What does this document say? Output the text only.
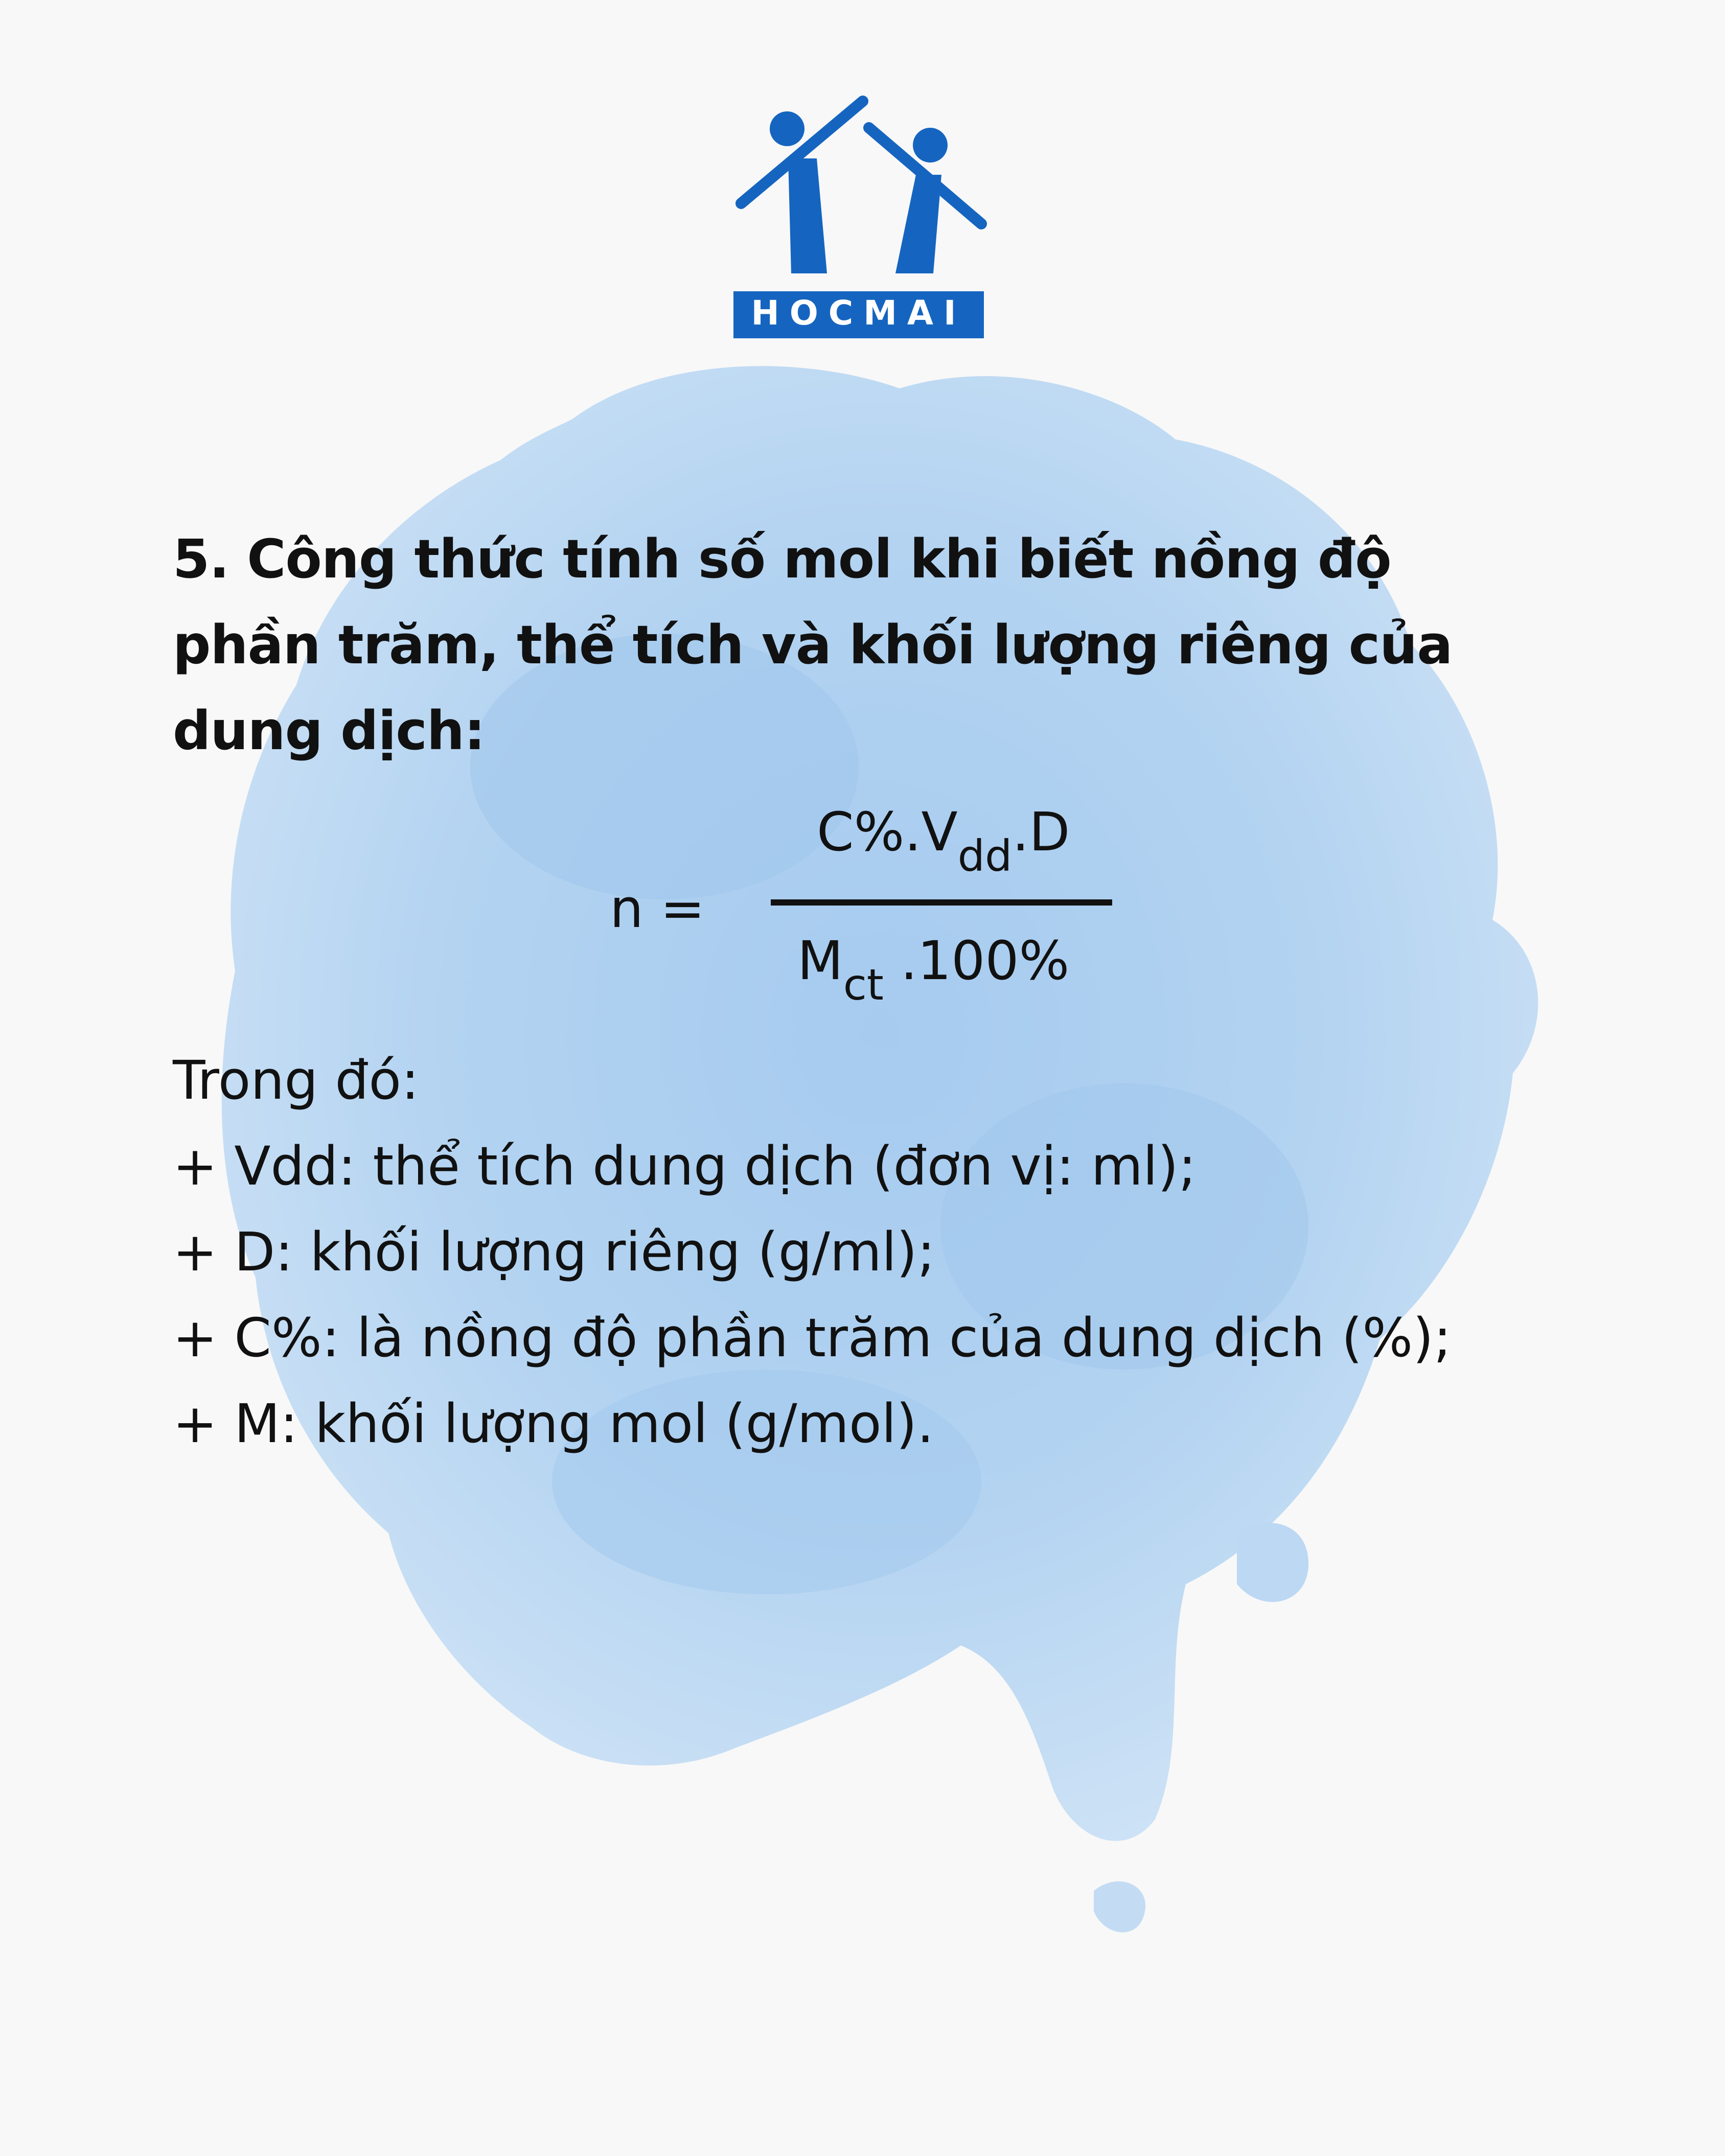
HOCMAI
5. Công thức tính số mol khi biết nồng độ phần trăm, thể tích và khối lượng riêng của dung dịch:
n =
$C\%.V_{dd}.D$
$M_{ct}$ .100%
Trong đó:
+ Vdd: thể tích dung dịch (đơn vị: ml);
+ D: khối lượng riêng (g/ml);
+ C%: là nồng độ phần trăm của dung dịch (%);
+ M: khối lượng mol (g/mol).
